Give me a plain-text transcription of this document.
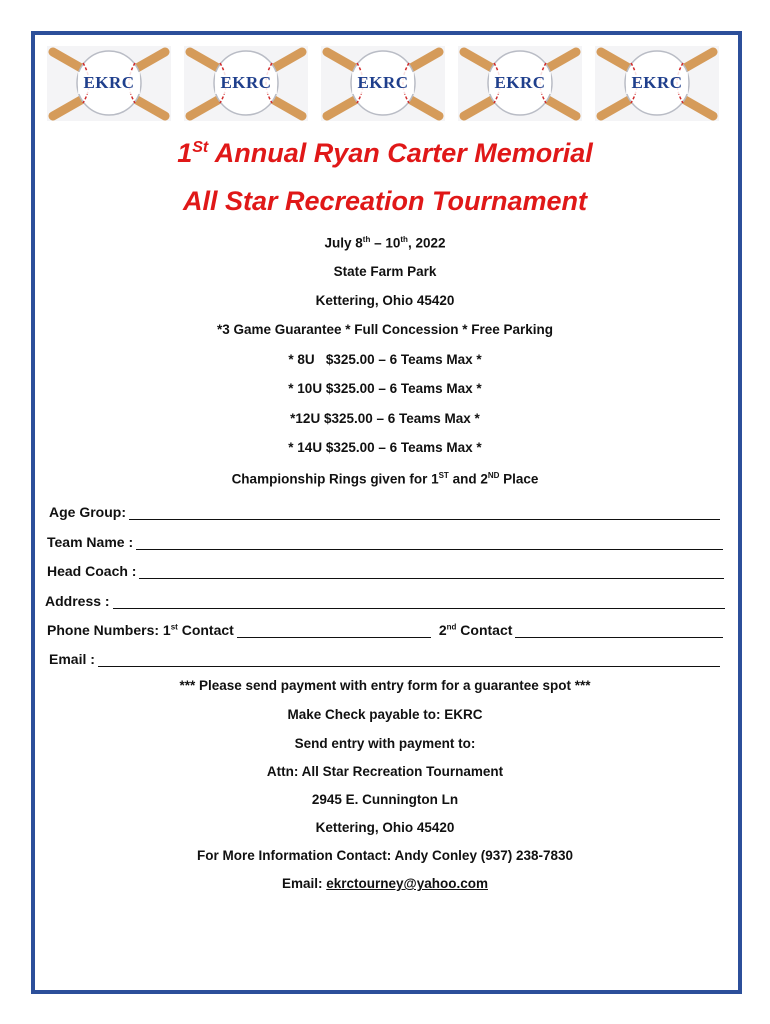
EKRC	EKRC	EKRC	EKRC	EKRC
1St Annual Ryan Carter Memorial
All Star Recreation Tournament
July 8th – 10th, 2022
State Farm Park
Kettering, Ohio 45420
*3 Game Guarantee * Full Concession * Free Parking
* 8U   $325.00 – 6 Teams Max *
* 10U $325.00 – 6 Teams Max *
*12U $325.00 – 6 Teams Max *
* 14U $325.00 – 6 Teams Max *
Championship Rings given for 1ST and 2ND Place
Age Group:
Team Name :
Head Coach :
Address :
Phone Numbers: 1st Contact	2nd Contact
Email :
*** Please send payment with entry form for a guarantee spot ***
Make Check payable to: EKRC
Send entry with payment to:
Attn: All Star Recreation Tournament
2945 E. Cunnington Ln
Kettering, Ohio 45420
For More Information Contact: Andy Conley (937) 238-7830
Email: ekrctourney@yahoo.com
